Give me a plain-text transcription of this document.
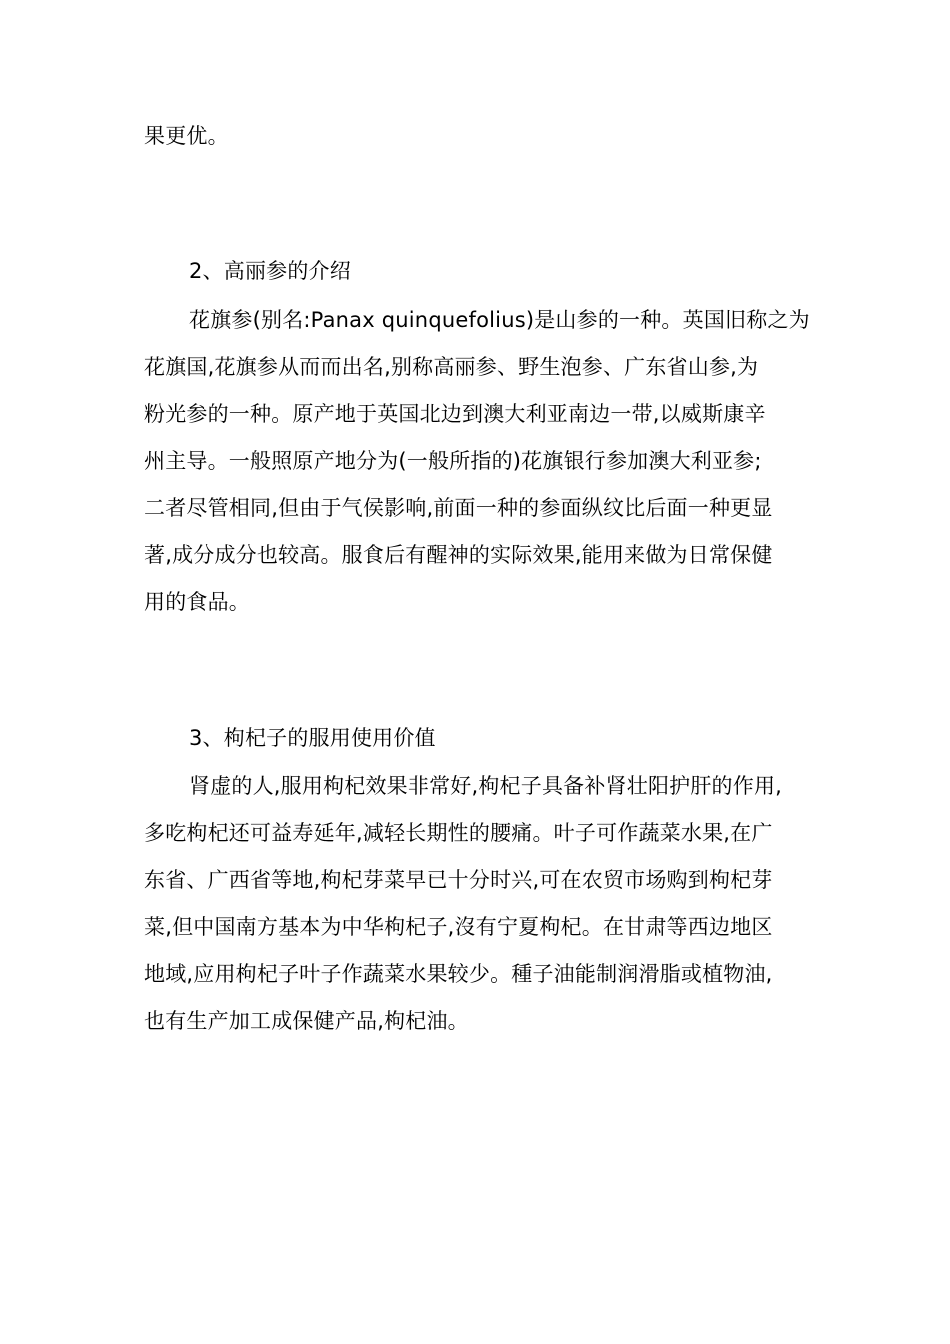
果更优。
2、高丽参的介绍
花旗参(别名:Panax quinquefolius)是山参的一种。英国旧称之为
花旗国,花旗参从而而出名,别称高丽参、野生泡参、广东省山参,为
粉光参的一种。原产地于英国北边到澳大利亚南边一带,以威斯康辛
州主导。一般照原产地分为(一般所指的)花旗银行参加澳大利亚参;
二者尽管相同,但由于气侯影响,前面一种的参面纵纹比后面一种更显
著,成分成分也较高。服食后有醒神的实际效果,能用来做为日常保健
用的食品。
3、枸杞子的服用使用价值
肾虚的人,服用枸杞效果非常好,枸杞子具备补肾壮阳护肝的作用,
多吃枸杞还可益寿延年,减轻长期性的腰痛。叶子可作蔬菜水果,在广
东省、广西省等地,枸杞芽菜早已十分时兴,可在农贸市场购到枸杞芽
菜,但中国南方基本为中华枸杞子,沒有宁夏枸杞。在甘肃等西边地区
地域,应用枸杞子叶子作蔬菜水果较少。種子油能制润滑脂或植物油,
也有生产加工成保健产品,枸杞油。
